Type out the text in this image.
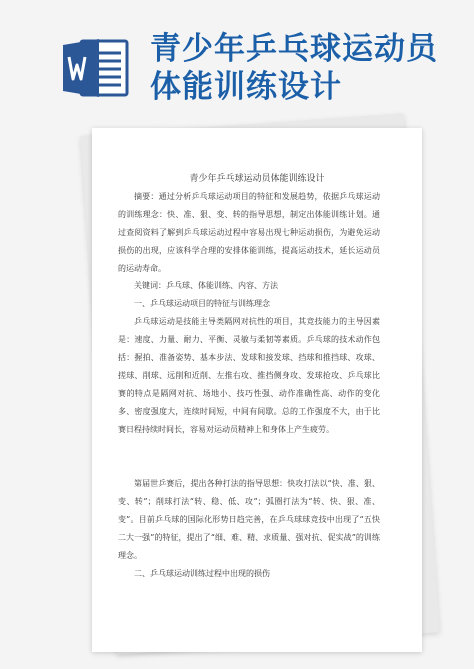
青少年乒乓球运动员体能训练设计
青少年乒乓球运动员体能训练设计

摘要：通过分析乒乓球运动项目的特征和发展趋势，依据乒乓球运动的训练理念：快、准、狠、变、转的指导思想，制定出体能训练计划。通过查阅资料了解到乒乓球运动过程中容易出现七种运动损伤，为避免运动损伤的出现，应该科学合理的安排体能训练，提高运动技术，延长运动员的运动寿命。

关键词：乒乓球、体能训练、内容、方法

一、乒乓球运动项目的特征与训练理念

乒乓球运动是技能主导类隔网对抗性的项目，其竞技能力的主导因素是：速度、力量、耐力、平衡、灵敏与柔韧等素质。乒乓球的技术动作包括：握拍、准备姿势、基本步法、发球和接发球、挡球和推挡球、攻球、搓球、削球、远削和近削、左推右攻、推挡侧身攻、发球抢攻、乒乓球比赛的特点是隔网对抗、场地小、技巧性强、动作准确性高、动作的变化多、密度强度大，连续时间短，中间有间歇。总的工作强度不大，由于比赛日程持续时间长，容易对运动员精神上和身体上产生疲劳。

第届世乒赛后，提出各种打法的指导思想：快攻打法以“快、准、狠、变、转”；削球打法“转、稳、低、攻”；弧圈打法为“转、快、狠、准、变”。目前乒乓球的国际化形势日趋完善，在乒乓球球竞技中出现了“五快二大一强”的特征，提出了“细、难、精、求质量、强对抗、促实战”的训练理念。

二、乒乓球运动训练过程中出现的损伤
